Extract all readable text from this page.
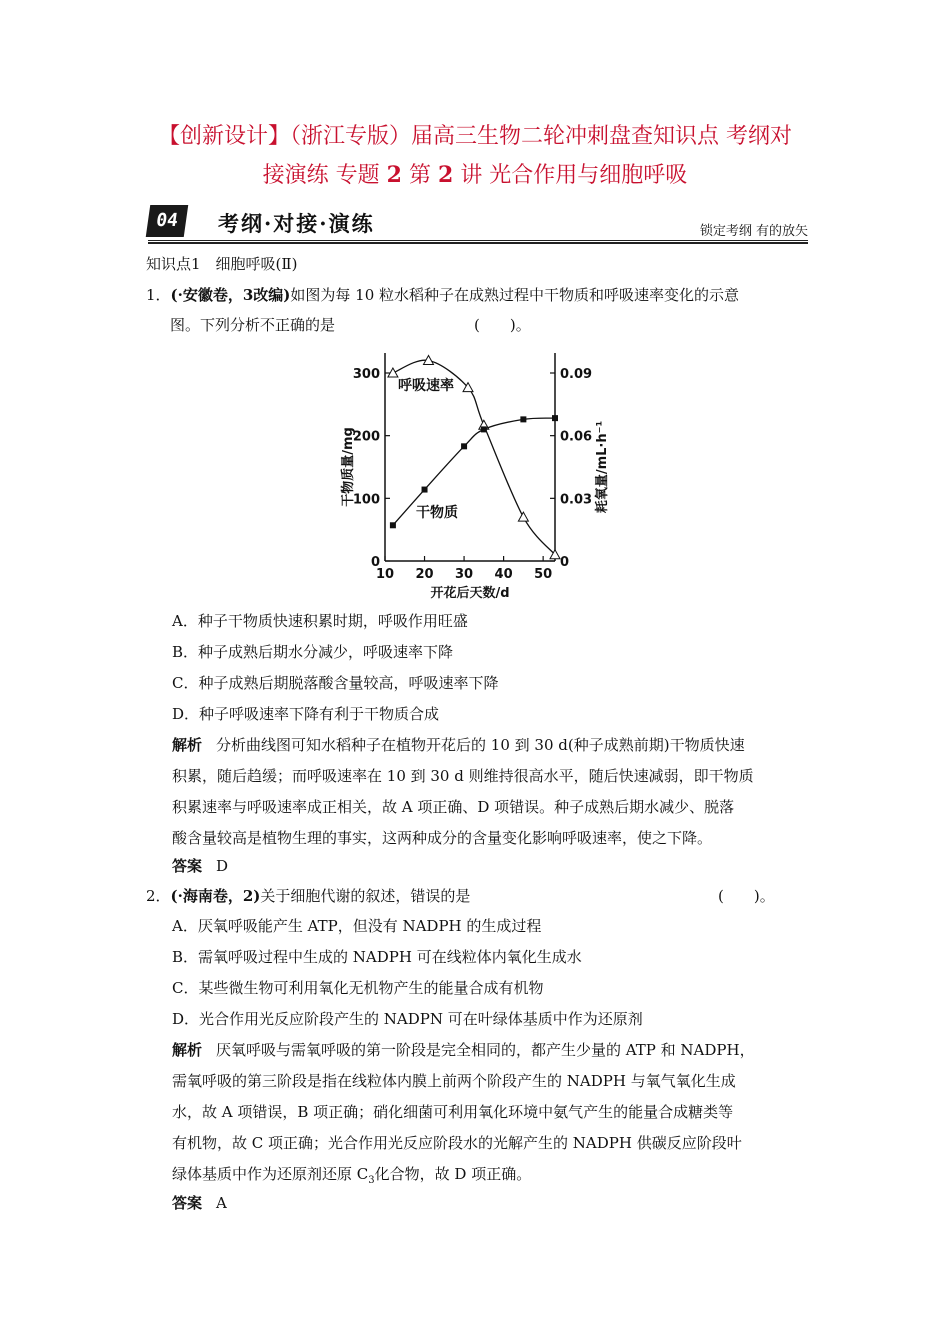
【创新设计】（浙江专版）届高三生物二轮冲刺盘查知识点 考纲对
接演练 专题 2 第 2 讲 光合作用与细胞呼吸
04	考纲·对接·演练	锁定考纲 有的放矢
知识点1　细胞呼吸(Ⅱ)
1．(·安徽卷，3改编)如图为每 10 粒水稻种子在成熟过程中干物质和呼吸速率变化的示意
图。下列分析不正确的是	(　　)。
10 20 30 40 50
0
100
200
300
0
0.03
0.06
0.09
开花后天数/d
干物质量/mg	耗氧量/mL·h⁻¹
呼吸速率
干物质
A．种子干物质快速积累时期，呼吸作用旺盛
B．种子成熟后期水分减少，呼吸速率下降
C．种子成熟后期脱落酸含量较高，呼吸速率下降
D．种子呼吸速率下降有利于干物质合成
解析 分析曲线图可知水稻种子在植物开花后的 10 到 30 d(种子成熟前期)干物质快速
积累，随后趋缓；而呼吸速率在 10 到 30 d 则维持很高水平，随后快速减弱，即干物质
积累速率与呼吸速率成正相关，故 A 项正确、D 项错误。种子成熟后期水减少、脱落
酸含量较高是植物生理的事实，这两种成分的含量变化影响呼吸速率，使之下降。
答案 D
2．(·海南卷，2)关于细胞代谢的叙述，错误的是	(　　)。
A．厌氧呼吸能产生 ATP，但没有 NADPH 的生成过程
B．需氧呼吸过程中生成的 NADPH 可在线粒体内氧化生成水
C．某些微生物可利用氧化无机物产生的能量合成有机物
D．光合作用光反应阶段产生的 NADPN 可在叶绿体基质中作为还原剂
解析 厌氧呼吸与需氧呼吸的第一阶段是完全相同的，都产生少量的 ATP 和 NADPH，
需氧呼吸的第三阶段是指在线粒体内膜上前两个阶段产生的 NADPH 与氧气氧化生成
水，故 A 项错误，B 项正确；硝化细菌可利用氧化环境中氨气产生的能量合成糖类等
有机物，故 C 项正确；光合作用光反应阶段水的光解产生的 NADPH 供碳反应阶段叶
绿体基质中作为还原剂还原 $C_3$化合物，故 D 项正确。
答案 A
